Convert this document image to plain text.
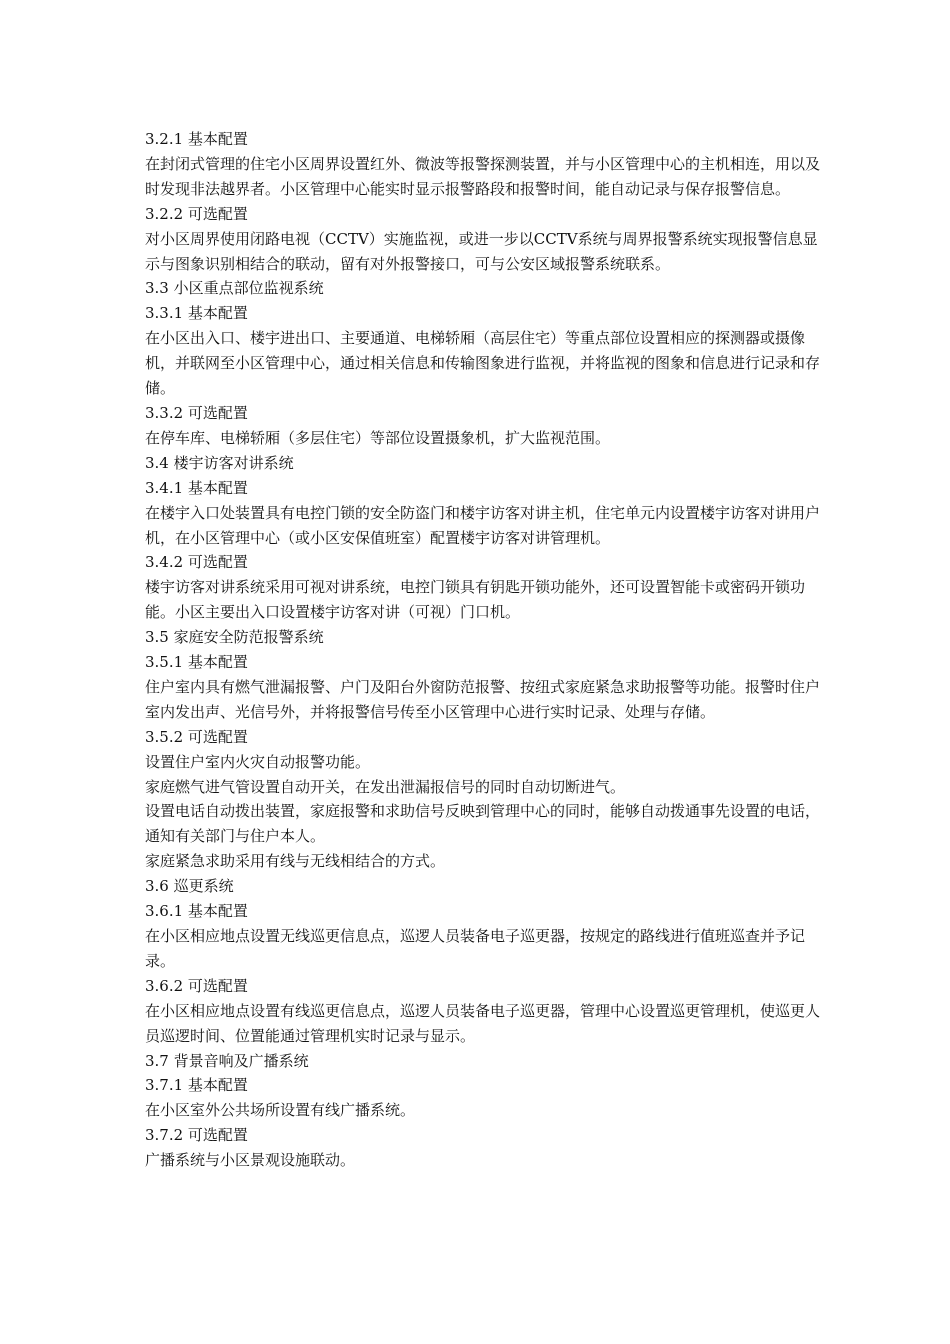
3.2.1 基本配置

在封闭式管理的住宅小区周界设置红外、微波等报警探测装置，并与小区管理中心的主机相连，用以及时发现非法越界者。小区管理中心能实时显示报警路段和报警时间，能自动记录与保存报警信息。

3.2.2 可选配置

对小区周界使用闭路电视（CCTV）实施监视，或进一步以CCTV系统与周界报警系统实现报警信息显示与图象识别相结合的联动，留有对外报警接口，可与公安区域报警系统联系。

3.3 小区重点部位监视系统

3.3.1 基本配置

在小区出入口、楼宇进出口、主要通道、电梯轿厢（高层住宅）等重点部位设置相应的探测器或摄像机，并联网至小区管理中心，通过相关信息和传输图象进行监视，并将监视的图象和信息进行记录和存储。

3.3.2 可选配置

在停车库、电梯轿厢（多层住宅）等部位设置摄象机，扩大监视范围。

3.4 楼宇访客对讲系统

3.4.1 基本配置

在楼宇入口处装置具有电控门锁的安全防盗门和楼宇访客对讲主机，住宅单元内设置楼宇访客对讲用户机，在小区管理中心（或小区安保值班室）配置楼宇访客对讲管理机。

3.4.2 可选配置

楼宇访客对讲系统采用可视对讲系统，电控门锁具有钥匙开锁功能外，还可设置智能卡或密码开锁功能。小区主要出入口设置楼宇访客对讲（可视）门口机。

3.5 家庭安全防范报警系统

3.5.1 基本配置

住户室内具有燃气泄漏报警、户门及阳台外窗防范报警、按纽式家庭紧急求助报警等功能。报警时住户室内发出声、光信号外，并将报警信号传至小区管理中心进行实时记录、处理与存储。

3.5.2 可选配置

设置住户室内火灾自动报警功能。

家庭燃气进气管设置自动开关，在发出泄漏报信号的同时自动切断进气。

设置电话自动拨出装置，家庭报警和求助信号反映到管理中心的同时，能够自动拨通事先设置的电话，通知有关部门与住户本人。

家庭紧急求助采用有线与无线相结合的方式。

3.6 巡更系统

3.6.1 基本配置

在小区相应地点设置无线巡更信息点，巡逻人员装备电子巡更器，按规定的路线进行值班巡查并予记录。

3.6.2 可选配置

在小区相应地点设置有线巡更信息点，巡逻人员装备电子巡更器，管理中心设置巡更管理机，使巡更人员巡逻时间、位置能通过管理机实时记录与显示。

3.7 背景音响及广播系统

3.7.1 基本配置

在小区室外公共场所设置有线广播系统。

3.7.2 可选配置

广播系统与小区景观设施联动。
